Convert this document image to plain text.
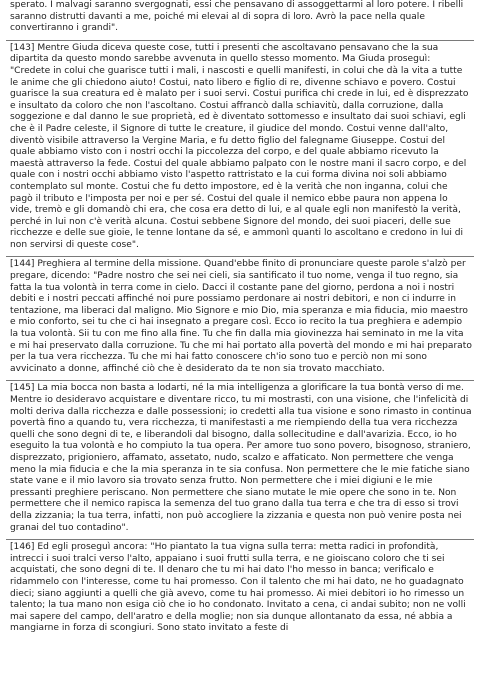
sperato. I malvagi saranno svergognati, essi che pensavano di assoggettarmi al loro potere. I ribelli saranno distrutti davanti a me, poiché mi elevai al di sopra di loro. Avrò la pace nella quale convertiranno i grandi".

[143] Mentre Giuda diceva queste cose, tutti i presenti che ascoltavano pensavano che la sua dipartita da questo mondo sarebbe avvenuta in quello stesso momento. Ma Giuda proseguì: "Credete in colui che guarisce tutti i mali, i nascosti e quelli manifesti, in colui che dà la vita a tutte le anime che gli chiedono aiuto! Costui, nato libero e figlio di re, divenne schiavo e povero. Costui guarisce la sua creatura ed è malato per i suoi servi. Costui purifica chi crede in lui, ed è disprezzato e insultato da coloro che non l'ascoltano. Costui affrancò dalla schiavitù, dalla corruzione, dalla soggezione e dal danno le sue proprietà, ed è diventato sottomesso e insultato dai suoi schiavi, egli che è il Padre celeste, il Signore di tutte le creature, il giudice del mondo. Costui venne dall'alto, diventò visibile attraverso la Vergine Maria, e fu detto figlio del falegname Giuseppe. Costui del quale abbiamo visto con i nostri occhi la piccolezza del corpo, e del quale abbiamo ricevuto la maestà attraverso la fede. Costui del quale abbiamo palpato con le nostre mani il sacro corpo, e del quale con i nostri occhi abbiamo visto l'aspetto rattristato e la cui forma divina noi soli abbiamo contemplato sul monte. Costui che fu detto impostore, ed è la verità che non inganna, colui che pagò il tributo e l'imposta per noi e per sé. Costui del quale il nemico ebbe paura non appena lo vide, tremò e gli domandò chi era, che cosa era detto di lui, e al quale egli non manifestò la verità, perché in lui non c'è verità alcuna. Costui sebbene Signore del mondo, dei suoi piaceri, delle sue ricchezze e delle sue gioie, le tenne lontane da sé, e ammonì quanti lo ascoltano e credono in lui di non servirsi di queste cose".

[144] Preghiera al termine della missione. Quand'ebbe finito di pronunciare queste parole s'alzò per pregare, dicendo: "Padre nostro che sei nei cieli, sia santificato il tuo nome, venga il tuo regno, sia fatta la tua volontà in terra come in cielo. Dacci il costante pane del giorno, perdona a noi i nostri debiti e i nostri peccati affinché noi pure possiamo perdonare ai nostri debitori, e non ci indurre in tentazione, ma liberaci dal maligno. Mio Signore e mio Dio, mia speranza e mia fiducia, mio maestro e mio conforto, sei tu che ci hai insegnato a pregare così. Ecco io recito la tua preghiera e adempio la tua volontà. Sii tu con me fino alla fine. Tu che fin dalla mia giovinezza hai seminato in me la vita e mi hai preservato dalla corruzione. Tu che mi hai portato alla povertà del mondo e mi hai preparato per la tua vera ricchezza. Tu che mi hai fatto conoscere ch'io sono tuo e perciò non mi sono avvicinato a donne, affinché ciò che è desiderato da te non sia trovato macchiato.

[145] La mia bocca non basta a lodarti, né la mia intelligenza a glorificare la tua bontà verso di me. Mentre io desideravo acquistare e diventare ricco, tu mi mostrasti, con una visione, che l'infelicità di molti deriva dalla ricchezza e dalle possessioni; io credetti alla tua visione e sono rimasto in continua povertà fino a quando tu, vera ricchezza, ti manifestasti a me riempiendo della tua vera ricchezza quelli che sono degni di te, e liberandoli dal bisogno, dalla sollecitudine e dall'avarizia. Ecco, io ho eseguito la tua volontà e ho compiuto la tua opera. Per amore tuo sono povero, bisognoso, straniero, disprezzato, prigioniero, affamato, assetato, nudo, scalzo e affaticato. Non permettere che venga meno la mia fiducia e che la mia speranza in te sia confusa. Non permettere che le mie fatiche siano state vane e il mio lavoro sia trovato senza frutto. Non permettere che i miei digiuni e le mie pressanti preghiere periscano. Non permettere che siano mutate le mie opere che sono in te. Non permettere che il nemico rapisca la semenza del tuo grano dalla tua terra e che tra di esso si trovi della zizzania; la tua terra, infatti, non può accogliere la zizzania e questa non può venire posta nei granai del tuo contadino".

[146] Ed egli proseguì ancora: "Ho piantato la tua vigna sulla terra: metta radici in profondità, intrecci i suoi tralci verso l'alto, appaiano i suoi frutti sulla terra, e ne gioiscano coloro che ti sei acquistati, che sono degni di te. Il denaro che tu mi hai dato l'ho messo in banca; verificalo e ridammelo con l'interesse, come tu hai promesso. Con il talento che mi hai dato, ne ho guadagnato dieci; siano aggiunti a quelli che già avevo, come tu hai promesso. Ai miei debitori io ho rimesso un talento; la tua mano non esiga ciò che io ho condonato. Invitato a cena, ci andai subito; non ne volli mai sapere del campo, dell'aratro e della moglie; non sia dunque allontanato da essa, né abbia a mangiarne in forza di scongiuri. Sono stato invitato a feste di
